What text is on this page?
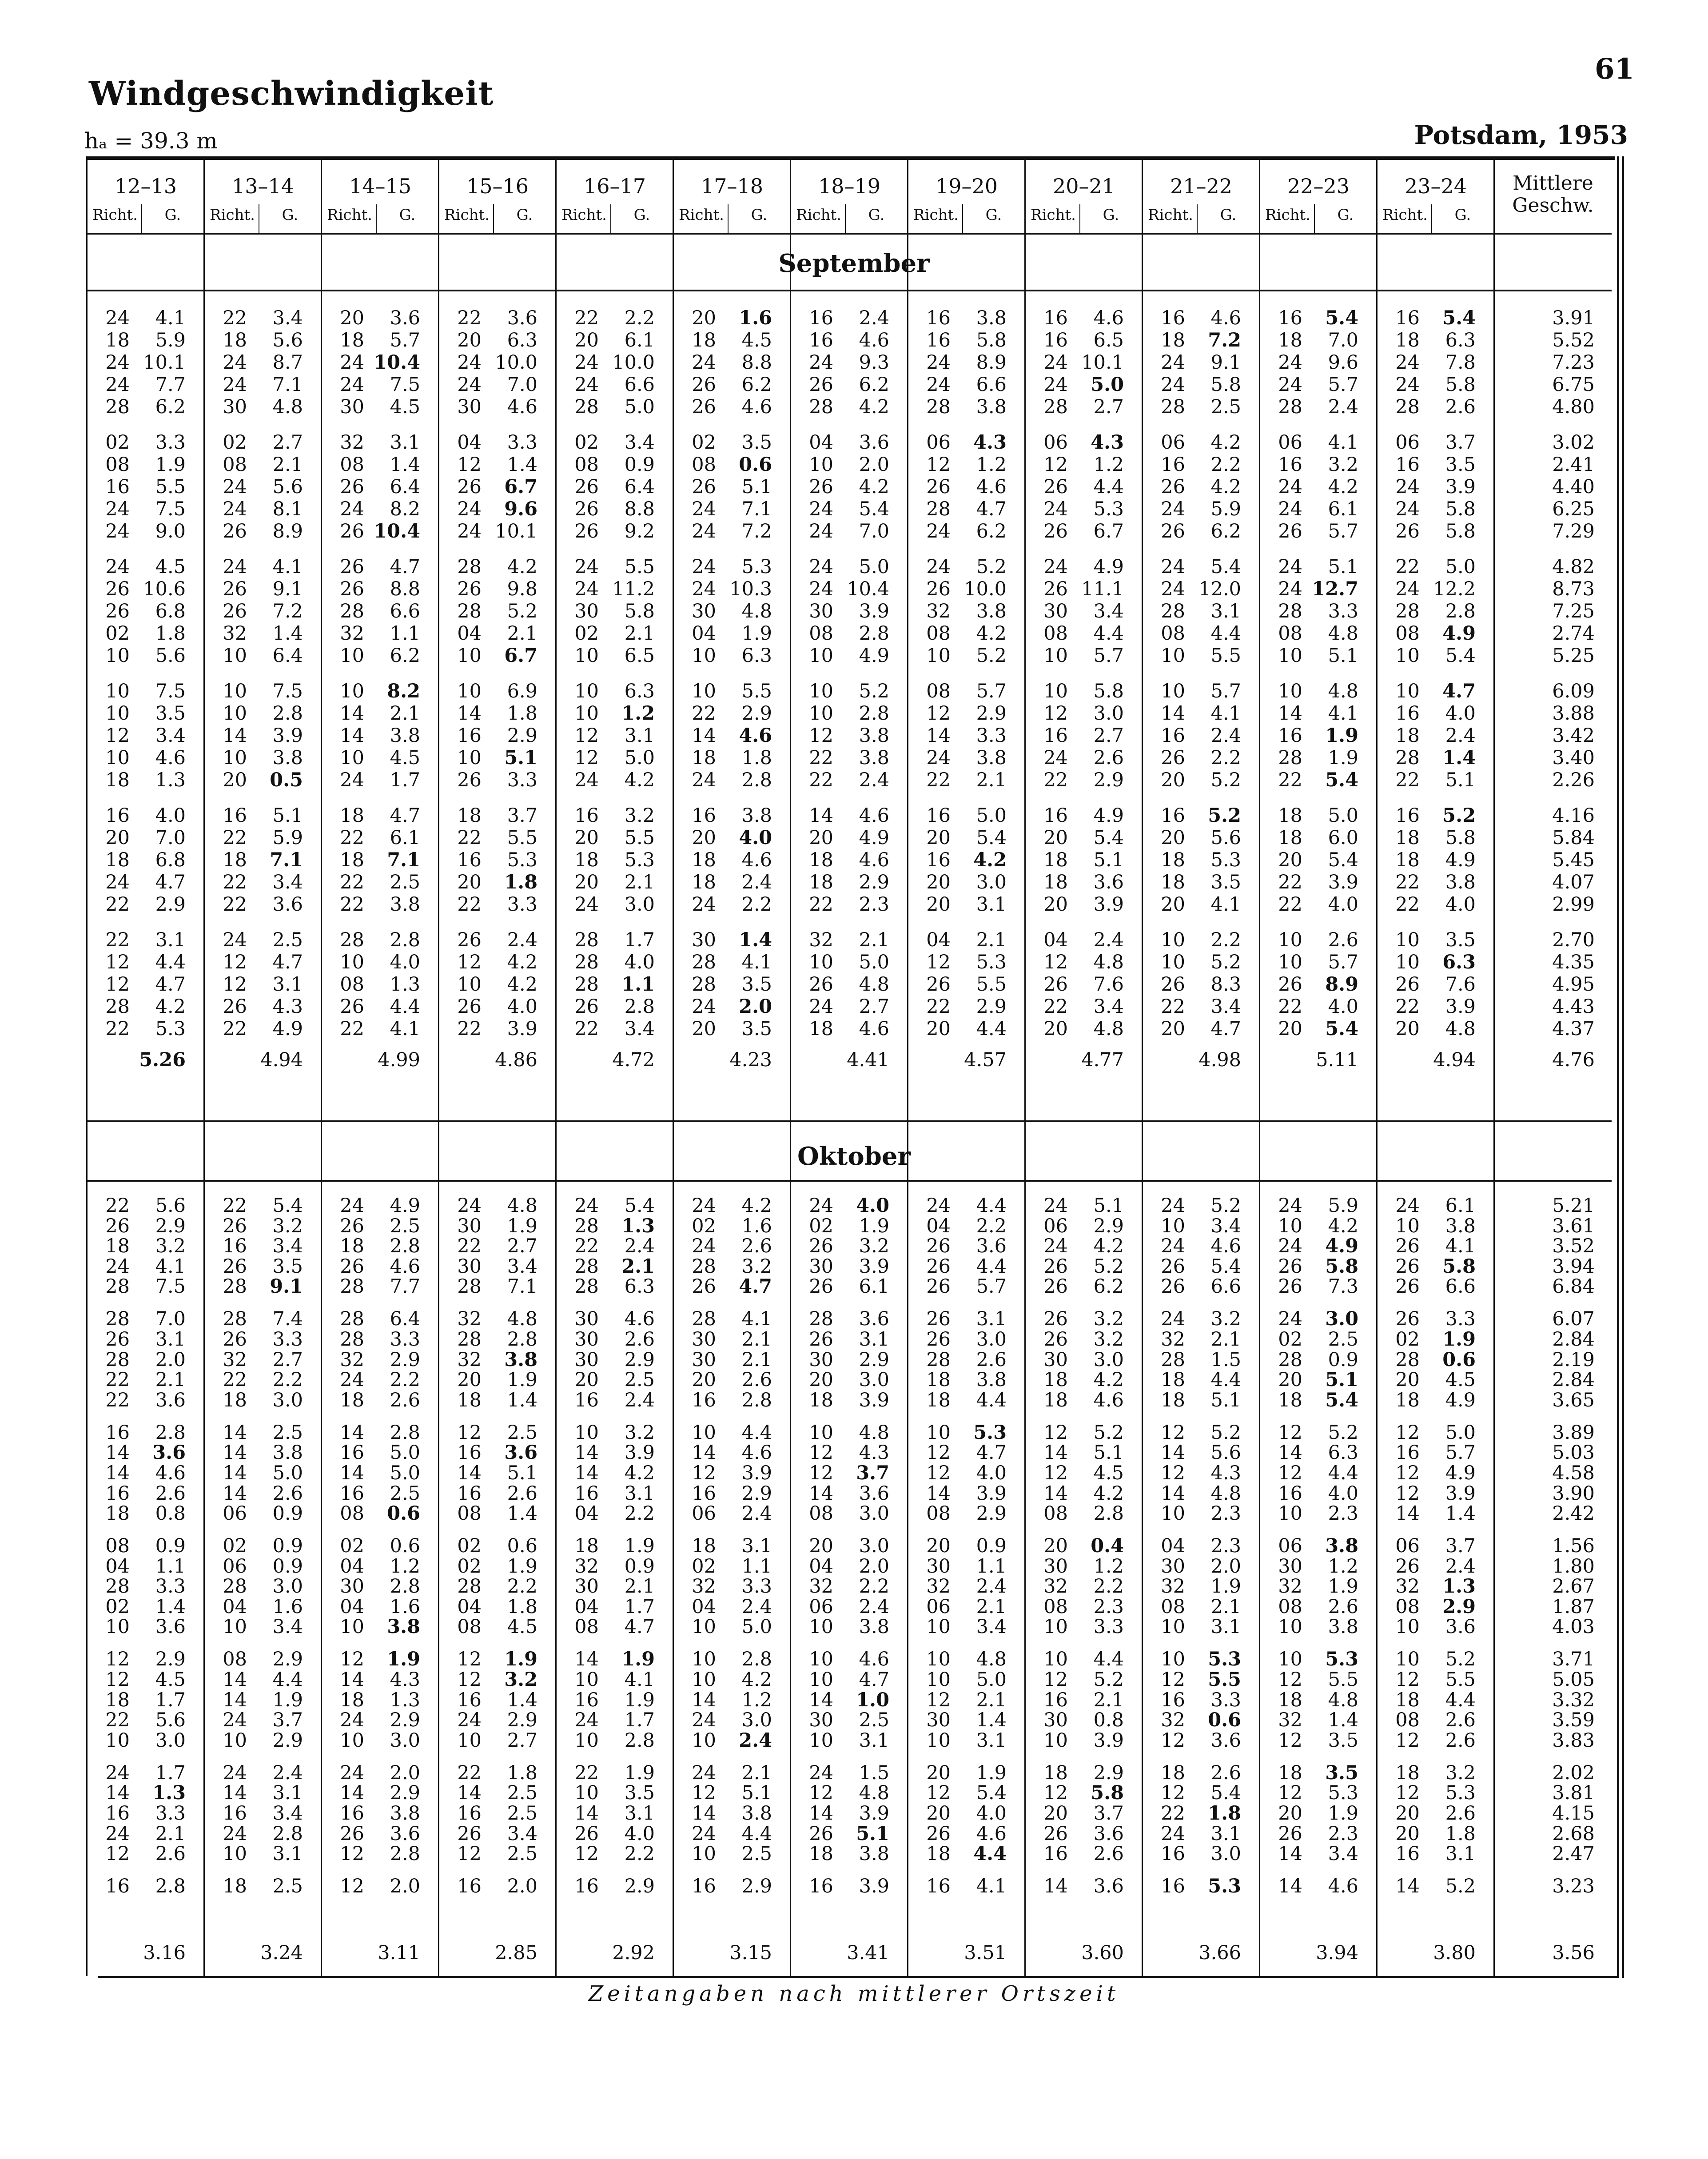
61
Windgeschwindigkeit
hₐ = 39.3 m	Potsdam, 1953
12–13
Richt.	G.
13–14
Richt.	G.
14–15
Richt.	G.
15–16
Richt.	G.
16–17
Richt.	G.
17–18
Richt.	G.
18–19
Richt.	G.
19–20
Richt.	G.
20–21
Richt.	G.
21–22
Richt.	G.
22–23
Richt.	G.
23–24
Richt.	G.
Mittlere
Geschw.
September
24	4.1	22	3.4	20	3.6	22	3.6	22	2.2	20	1.6	16	2.4	16	3.8	16	4.6	16	4.6	16	5.4	16	5.4	3.91
18	5.9	18	5.6	18	5.7	20	6.3	20	6.1	18	4.5	16	4.6	16	5.8	16	6.5	18	7.2	18	7.0	18	6.3	5.52
24 10.1	24	8.7	24 10.4	24 10.0	24 10.0	24	8.8	24	9.3	24	8.9	24 10.1	24	9.1	24	9.6	24	7.8	7.23
24	7.7	24	7.1	24	7.5	24	7.0	24	6.6	26	6.2	26	6.2	24	6.6	24	5.0	24	5.8	24	5.7	24	5.8	6.75
28	6.2	30	4.8	30	4.5	30	4.6	28	5.0	26	4.6	28	4.2	28	3.8	28	2.7	28	2.5	28	2.4	28	2.6	4.80
02	3.3	02	2.7	32	3.1	04	3.3	02	3.4	02	3.5	04	3.6	06	4.3	06	4.3	06	4.2	06	4.1	06	3.7	3.02
08	1.9	08	2.1	08	1.4	12	1.4	08	0.9	08	0.6	10	2.0	12	1.2	12	1.2	16	2.2	16	3.2	16	3.5	2.41
16	5.5	24	5.6	26	6.4	26	6.7	26	6.4	26	5.1	26	4.2	26	4.6	26	4.4	26	4.2	24	4.2	24	3.9	4.40
24	7.5	24	8.1	24	8.2	24	9.6	26	8.8	24	7.1	24	5.4	28	4.7	24	5.3	24	5.9	24	6.1	24	5.8	6.25
24	9.0	26	8.9	26 10.4	24 10.1	26	9.2	24	7.2	24	7.0	24	6.2	26	6.7	26	6.2	26	5.7	26	5.8	7.29
24	4.5	24	4.1	26	4.7	28	4.2	24	5.5	24	5.3	24	5.0	24	5.2	24	4.9	24	5.4	24	5.1	22	5.0	4.82
26 10.6	26	9.1	26	8.8	26	9.8	24 11.2	24 10.3	24 10.4	26 10.0	26 11.1	24 12.0	24 12.7	24 12.2	8.73
26	6.8	26	7.2	28	6.6	28	5.2	30	5.8	30	4.8	30	3.9	32	3.8	30	3.4	28	3.1	28	3.3	28	2.8	7.25
02	1.8	32	1.4	32	1.1	04	2.1	02	2.1	04	1.9	08	2.8	08	4.2	08	4.4	08	4.4	08	4.8	08	4.9	2.74
10	5.6	10	6.4	10	6.2	10	6.7	10	6.5	10	6.3	10	4.9	10	5.2	10	5.7	10	5.5	10	5.1	10	5.4	5.25
10	7.5	10	7.5	10	8.2	10	6.9	10	6.3	10	5.5	10	5.2	08	5.7	10	5.8	10	5.7	10	4.8	10	4.7	6.09
10	3.5	10	2.8	14	2.1	14	1.8	10	1.2	22	2.9	10	2.8	12	2.9	12	3.0	14	4.1	14	4.1	16	4.0	3.88
12	3.4	14	3.9	14	3.8	16	2.9	12	3.1	14	4.6	12	3.8	14	3.3	16	2.7	16	2.4	16	1.9	18	2.4	3.42
10	4.6	10	3.8	10	4.5	10	5.1	12	5.0	18	1.8	22	3.8	24	3.8	24	2.6	26	2.2	28	1.9	28	1.4	3.40
18	1.3	20	0.5	24	1.7	26	3.3	24	4.2	24	2.8	22	2.4	22	2.1	22	2.9	20	5.2	22	5.4	22	5.1	2.26
16	4.0	16	5.1	18	4.7	18	3.7	16	3.2	16	3.8	14	4.6	16	5.0	16	4.9	16	5.2	18	5.0	16	5.2	4.16
20	7.0	22	5.9	22	6.1	22	5.5	20	5.5	20	4.0	20	4.9	20	5.4	20	5.4	20	5.6	18	6.0	18	5.8	5.84
18	6.8	18	7.1	18	7.1	16	5.3	18	5.3	18	4.6	18	4.6	16	4.2	18	5.1	18	5.3	20	5.4	18	4.9	5.45
24	4.7	22	3.4	22	2.5	20	1.8	20	2.1	18	2.4	18	2.9	20	3.0	18	3.6	18	3.5	22	3.9	22	3.8	4.07
22	2.9	22	3.6	22	3.8	22	3.3	24	3.0	24	2.2	22	2.3	20	3.1	20	3.9	20	4.1	22	4.0	22	4.0	2.99
22	3.1	24	2.5	28	2.8	26	2.4	28	1.7	30	1.4	32	2.1	04	2.1	04	2.4	10	2.2	10	2.6	10	3.5	2.70
12	4.4	12	4.7	10	4.0	12	4.2	28	4.0	28	4.1	10	5.0	12	5.3	12	4.8	10	5.2	10	5.7	10	6.3	4.35
12	4.7	12	3.1	08	1.3	10	4.2	28	1.1	28	3.5	26	4.8	26	5.5	26	7.6	26	8.3	26	8.9	26	7.6	4.95
28	4.2	26	4.3	26	4.4	26	4.0	26	2.8	24	2.0	24	2.7	22	2.9	22	3.4	22	3.4	22	4.0	22	3.9	4.43
22	5.3	22	4.9	22	4.1	22	3.9	22	3.4	20	3.5	18	4.6	20	4.4	20	4.8	20	4.7	20	5.4	20	4.8	4.37
5.26	4.94	4.99	4.86	4.72	4.23	4.41	4.57	4.77	4.98	5.11	4.94	4.76
Oktober
22	5.6	22	5.4	24	4.9	24	4.8	24	5.4	24	4.2	24	4.0	24	4.4	24	5.1	24	5.2	24	5.9	24	6.1	5.21
26	2.9	26	3.2	26	2.5	30	1.9	28	1.3	02	1.6	02	1.9	04	2.2	06	2.9	10	3.4	10	4.2	10	3.8	3.61
18	3.2	16	3.4	18	2.8	22	2.7	22	2.4	24	2.6	26	3.2	26	3.6	24	4.2	24	4.6	24	4.9	26	4.1	3.52
24	4.1	26	3.5	26	4.6	30	3.4	28	2.1	28	3.2	30	3.9	26	4.4	26	5.2	26	5.4	26	5.8	26	5.8	3.94
28	7.5	28	9.1	28	7.7	28	7.1	28	6.3	26	4.7	26	6.1	26	5.7	26	6.2	26	6.6	26	7.3	26	6.6	6.84
28	7.0	28	7.4	28	6.4	32	4.8	30	4.6	28	4.1	28	3.6	26	3.1	26	3.2	24	3.2	24	3.0	26	3.3	6.07
26	3.1	26	3.3	28	3.3	28	2.8	30	2.6	30	2.1	26	3.1	26	3.0	26	3.2	32	2.1	02	2.5	02	1.9	2.84
28	2.0	32	2.7	32	2.9	32	3.8	30	2.9	30	2.1	30	2.9	28	2.6	30	3.0	28	1.5	28	0.9	28	0.6	2.19
22	2.1	22	2.2	24	2.2	20	1.9	20	2.5	20	2.6	20	3.0	18	3.8	18	4.2	18	4.4	20	5.1	20	4.5	2.84
22	3.6	18	3.0	18	2.6	18	1.4	16	2.4	16	2.8	18	3.9	18	4.4	18	4.6	18	5.1	18	5.4	18	4.9	3.65
16	2.8	14	2.5	14	2.8	12	2.5	10	3.2	10	4.4	10	4.8	10	5.3	12	5.2	12	5.2	12	5.2	12	5.0	3.89
14	3.6	14	3.8	16	5.0	16	3.6	14	3.9	14	4.6	12	4.3	12	4.7	14	5.1	14	5.6	14	6.3	16	5.7	5.03
14	4.6	14	5.0	14	5.0	14	5.1	14	4.2	12	3.9	12	3.7	12	4.0	12	4.5	12	4.3	12	4.4	12	4.9	4.58
16	2.6	14	2.6	16	2.5	16	2.6	16	3.1	16	2.9	14	3.6	14	3.9	14	4.2	14	4.8	16	4.0	12	3.9	3.90
18	0.8	06	0.9	08	0.6	08	1.4	04	2.2	06	2.4	08	3.0	08	2.9	08	2.8	10	2.3	10	2.3	14	1.4	2.42
08	0.9	02	0.9	02	0.6	02	0.6	18	1.9	18	3.1	20	3.0	20	0.9	20	0.4	04	2.3	06	3.8	06	3.7	1.56
04	1.1	06	0.9	04	1.2	02	1.9	32	0.9	02	1.1	04	2.0	30	1.1	30	1.2	30	2.0	30	1.2	26	2.4	1.80
28	3.3	28	3.0	30	2.8	28	2.2	30	2.1	32	3.3	32	2.2	32	2.4	32	2.2	32	1.9	32	1.9	32	1.3	2.67
02	1.4	04	1.6	04	1.6	04	1.8	04	1.7	04	2.4	06	2.4	06	2.1	08	2.3	08	2.1	08	2.6	08	2.9	1.87
10	3.6	10	3.4	10	3.8	08	4.5	08	4.7	10	5.0	10	3.8	10	3.4	10	3.3	10	3.1	10	3.8	10	3.6	4.03
12	2.9	08	2.9	12	1.9	12	1.9	14	1.9	10	2.8	10	4.6	10	4.8	10	4.4	10	5.3	10	5.3	10	5.2	3.71
12	4.5	14	4.4	14	4.3	12	3.2	10	4.1	10	4.2	10	4.7	10	5.0	12	5.2	12	5.5	12	5.5	12	5.5	5.05
18	1.7	14	1.9	18	1.3	16	1.4	16	1.9	14	1.2	14	1.0	12	2.1	16	2.1	16	3.3	18	4.8	18	4.4	3.32
22	5.6	24	3.7	24	2.9	24	2.9	24	1.7	24	3.0	30	2.5	30	1.4	30	0.8	32	0.6	32	1.4	08	2.6	3.59
10	3.0	10	2.9	10	3.0	10	2.7	10	2.8	10	2.4	10	3.1	10	3.1	10	3.9	12	3.6	12	3.5	12	2.6	3.83
24	1.7	24	2.4	24	2.0	22	1.8	22	1.9	24	2.1	24	1.5	20	1.9	18	2.9	18	2.6	18	3.5	18	3.2	2.02
14	1.3	14	3.1	14	2.9	14	2.5	10	3.5	12	5.1	12	4.8	12	5.4	12	5.8	12	5.4	12	5.3	12	5.3	3.81
16	3.3	16	3.4	16	3.8	16	2.5	14	3.1	14	3.8	14	3.9	20	4.0	20	3.7	22	1.8	20	1.9	20	2.6	4.15
24	2.1	24	2.8	26	3.6	26	3.4	26	4.0	24	4.4	26	5.1	26	4.6	26	3.6	24	3.1	26	2.3	20	1.8	2.68
12	2.6	10	3.1	12	2.8	12	2.5	12	2.2	10	2.5	18	3.8	18	4.4	16	2.6	16	3.0	14	3.4	16	3.1	2.47
16	2.8	18	2.5	12	2.0	16	2.0	16	2.9	16	2.9	16	3.9	16	4.1	14	3.6	16	5.3	14	4.6	14	5.2	3.23
3.16	3.24	3.11	2.85	2.92	3.15	3.41	3.51	3.60	3.66	3.94	3.80	3.56
Zeitangaben nach mittlerer Ortszeit
